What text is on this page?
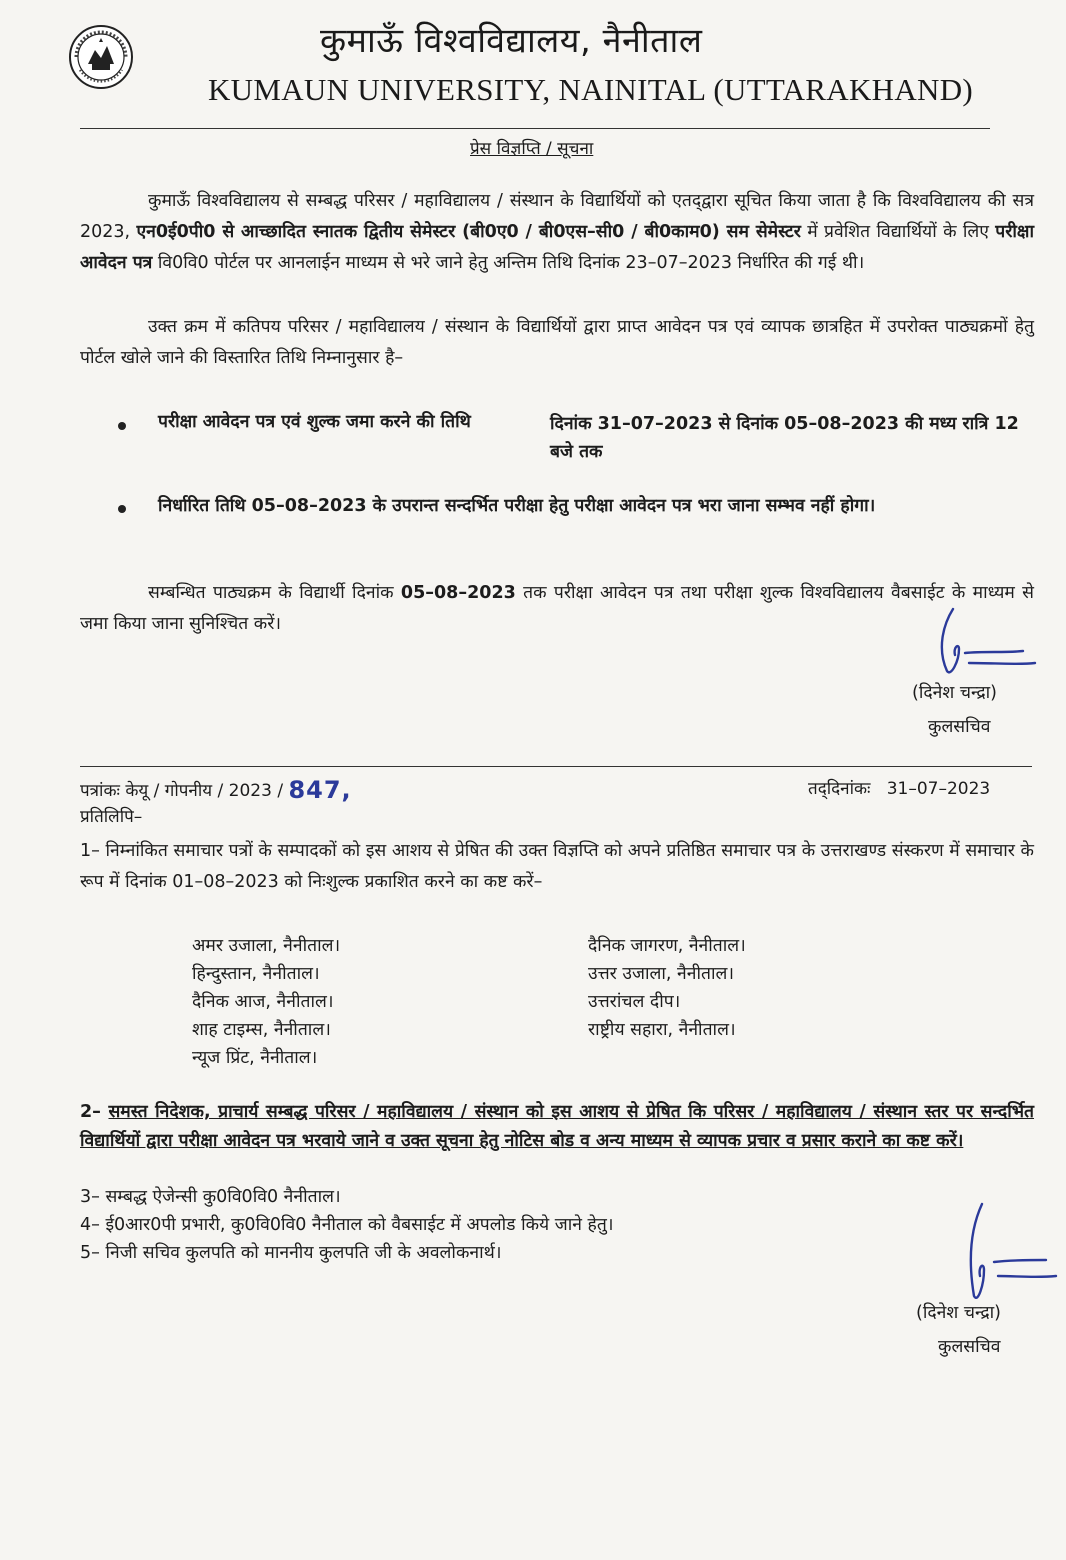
कुमाऊँ विश्वविद्यालय, नैनीताल
KUMAUN UNIVERSITY, NAINITAL (UTTARAKHAND)
प्रेस विज्ञप्ति / सूचना
कुमाऊँ विश्वविद्यालय से सम्बद्ध परिसर / महाविद्यालय / संस्थान के विद्यार्थियों को एतद्‌द्वारा सूचित किया जाता है कि विश्वविद्यालय की सत्र 2023, एन0ई0पी0 से आच्छादित स्नातक द्वितीय सेमेस्टर (बी0ए0 / बी0एस–सी0 / बी0काम0) सम सेमेस्टर में प्रवेशित विद्यार्थियों के लिए परीक्षा आवेदन पत्र वि0वि0 पोर्टल पर आनलाईन माध्यम से भरे जाने हेतु अन्तिम तिथि दिनांक 23–07–2023 निर्धारित की गई थी।
उक्त क्रम में कतिपय परिसर / महाविद्यालय / संस्थान के विद्यार्थियों द्वारा प्राप्त आवेदन पत्र एवं व्यापक छात्रहित में उपरोक्त पाठ्यक्रमों हेतु पोर्टल खोले जाने की विस्तारित तिथि निम्नानुसार है–
परीक्षा आवेदन पत्र एवं शुल्क जमा करने की तिथि	दिनांक 31–07–2023 से दिनांक 05–08–2023 की मध्य रात्रि 12 बजे तक
निर्धारित तिथि 05–08–2023 के उपरान्त सन्दर्भित परीक्षा हेतु परीक्षा आवेदन पत्र भरा जाना सम्भव नहीं होगा।
सम्बन्धित पाठ्यक्रम के विद्यार्थी दिनांक 05–08–2023 तक परीक्षा आवेदन पत्र तथा परीक्षा शुल्क विश्वविद्यालय वैबसाईट के माध्यम से जमा किया जाना सुनिश्चित करें।
(दिनेश चन्द्रा)
कुलसचिव
पत्रांकः केयू / गोपनीय / 2023 / 847,	तद्‌दिनांकः 31–07–2023
प्रतिलिपि–
1– निम्नांकित समाचार पत्रों के सम्पादकों को इस आशय से प्रेषित की उक्त विज्ञप्ति को अपने प्रतिष्ठित समाचार पत्र के उत्तराखण्ड संस्करण में समाचार के रूप में दिनांक 01–08–2023 को निःशुल्क प्रकाशित करने का कष्ट करें–
अमर उजाला, नैनीताल।
हिन्दुस्तान, नैनीताल।
दैनिक आज, नैनीताल।
शाह टाइम्स, नैनीताल।
न्यूज प्रिंट, नैनीताल।
दैनिक जागरण, नैनीताल।
उत्तर उजाला, नैनीताल।
उत्तरांचल दीप।
राष्ट्रीय सहारा, नैनीताल।
2– समस्त निदेशक, प्राचार्य सम्बद्ध परिसर / महाविद्यालय / संस्थान को इस आशय से प्रेषित कि परिसर / महाविद्यालय / संस्थान स्तर पर सन्दर्भित विद्यार्थियों द्वारा परीक्षा आवेदन पत्र भरवाये जाने व उक्त सूचना हेतु नोटिस बोड व अन्य माध्यम से व्यापक प्रचार व प्रसार कराने का कष्ट करें।
3– सम्बद्ध ऐजेन्सी कु0वि0वि0 नैनीताल।
4– ई0आर0पी प्रभारी, कु0वि0वि0 नैनीताल को वैबसाईट में अपलोड किये जाने हेतु।
5– निजी सचिव कुलपति को माननीय कुलपति जी के अवलोकनार्थ।
(दिनेश चन्द्रा)
कुलसचिव
